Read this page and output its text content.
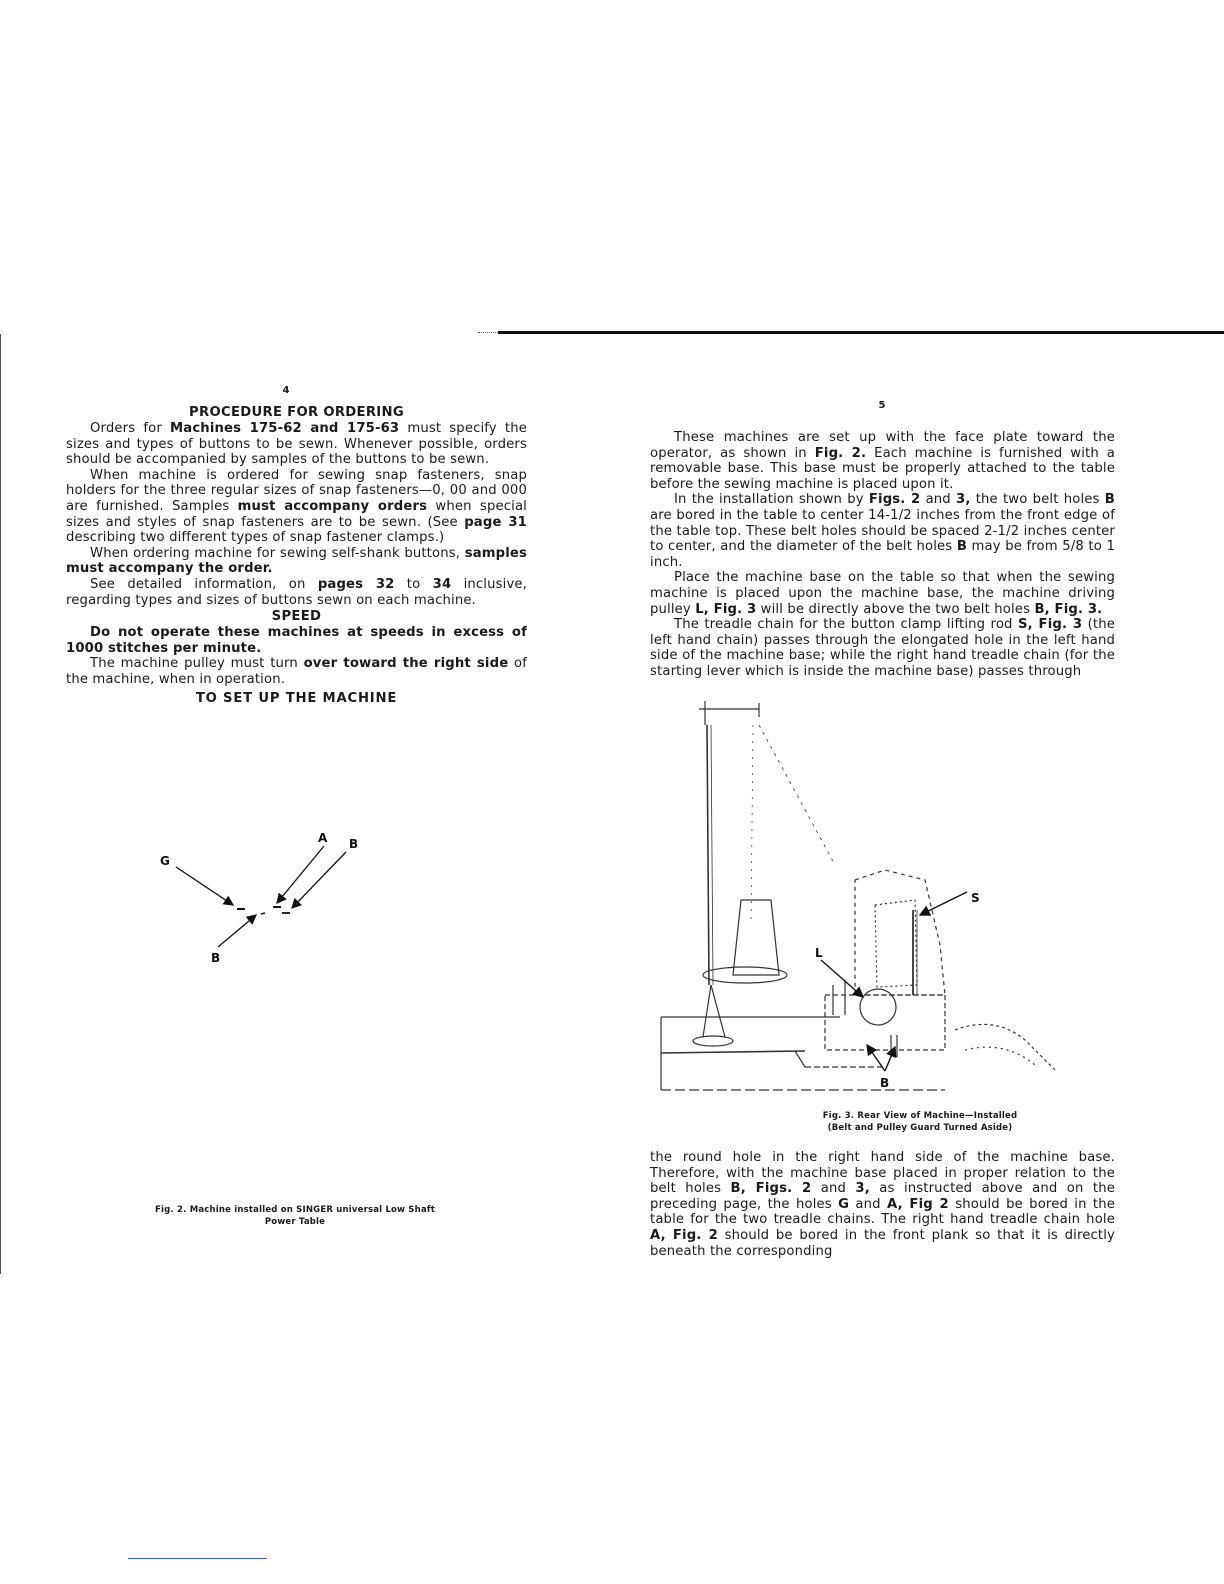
4
PROCEDURE FOR ORDERING

Orders for Machines 175-62 and 175-63 must specify the sizes and types of buttons to be sewn. Whenever possible, orders should be accompanied by samples of the buttons to be sewn.

When machine is ordered for sewing snap fasteners, snap holders for the three regular sizes of snap fasteners—0, 00 and 000 are furnished. Samples must accompany orders when special sizes and styles of snap fasteners are to be sewn. (See page 31 describing two different types of snap fastener clamps.)

When ordering machine for sewing self-shank buttons, samples must accompany the order.

See detailed information, on pages 32 to 34 inclusive, regarding types and sizes of buttons sewn on each machine.

SPEED

Do not operate these machines at speeds in excess of 1000 stitches per minute.

The machine pulley must turn over toward the right side of the machine, when in operation.

TO SET UP THE MACHINE
G
A B
B
Fig. 2. Machine installed on SINGER universal Low Shaft
Power Table
5

These machines are set up with the face plate toward the operator, as shown in Fig. 2. Each machine is furnished with a removable base. This base must be properly attached to the table before the sewing machine is placed upon it.

In the installation shown by Figs. 2 and 3, the two belt holes B are bored in the table to center 14-1/2 inches from the front edge of the table top. These belt holes should be spaced 2-1/2 inches center to center, and the diameter of the belt holes B may be from 5/8 to 1 inch.

Place the machine base on the table so that when the sewing machine is placed upon the machine base, the machine driving pulley L, Fig. 3 will be directly above the two belt holes B, Fig. 3.

The treadle chain for the button clamp lifting rod S, Fig. 3 (the left hand chain) passes through the elongated hole in the left hand side of the machine base; while the right hand treadle chain (for the starting lever which is inside the machine base) passes through

S
L
B
Fig. 3. Rear View of Machine—Installed
(Belt and Pulley Guard Turned Aside)

the round hole in the right hand side of the machine base. Therefore, with the machine base placed in proper relation to the belt holes B, Figs. 2 and 3, as instructed above and on the preceding page, the holes G and A, Fig 2 should be bored in the table for the two treadle chains. The right hand treadle chain hole A, Fig. 2 should be bored in the front plank so that it is directly beneath the corresponding
